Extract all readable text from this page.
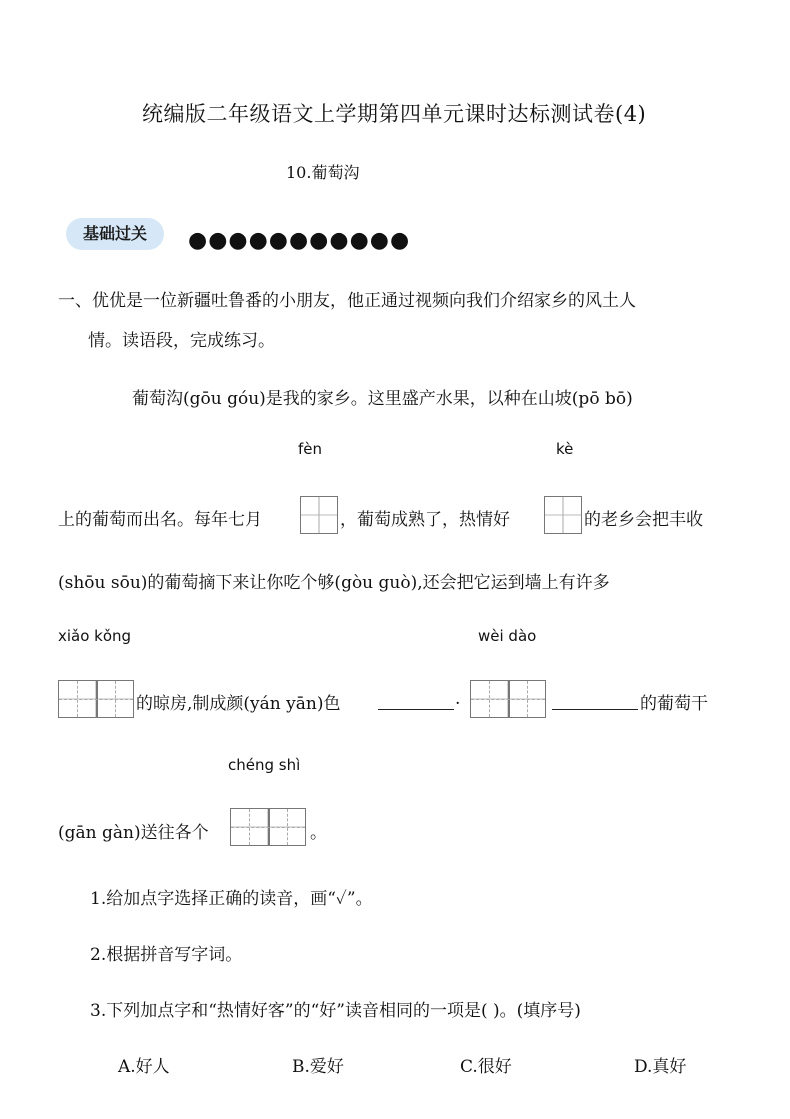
统编版二年级语文上学期第四单元课时达标测试卷(4)
10.葡萄沟
基础过关	●●●●●●●●●●●
一、优优是一位新疆吐鲁番的小朋友，他正通过视频向我们介绍家乡的风土人
情。读语段，完成练习。
葡萄沟(gōu góu)是我的家乡。这里盛产水果，以种在山坡(pō bō)
fèn	kè
上的葡萄而出名。每年七月	，葡萄成熟了，热情好	的老乡会把丰收
(shōu sōu)的葡萄摘下来让你吃个够(gòu guò),还会把它运到墙上有许多
xiǎo kǒng	wèi dào
的晾房,制成颜(yán yān)色	.	的葡萄干
chéng shì
(gān gàn)送往各个	。
1.给加点字选择正确的读音，画“✓”。
2.根据拼音写字词。
3.下列加点字和“热情好客”的“好”读音相同的一项是( )。(填序号)
A.好人	B.爱好	C.很好	D.真好
